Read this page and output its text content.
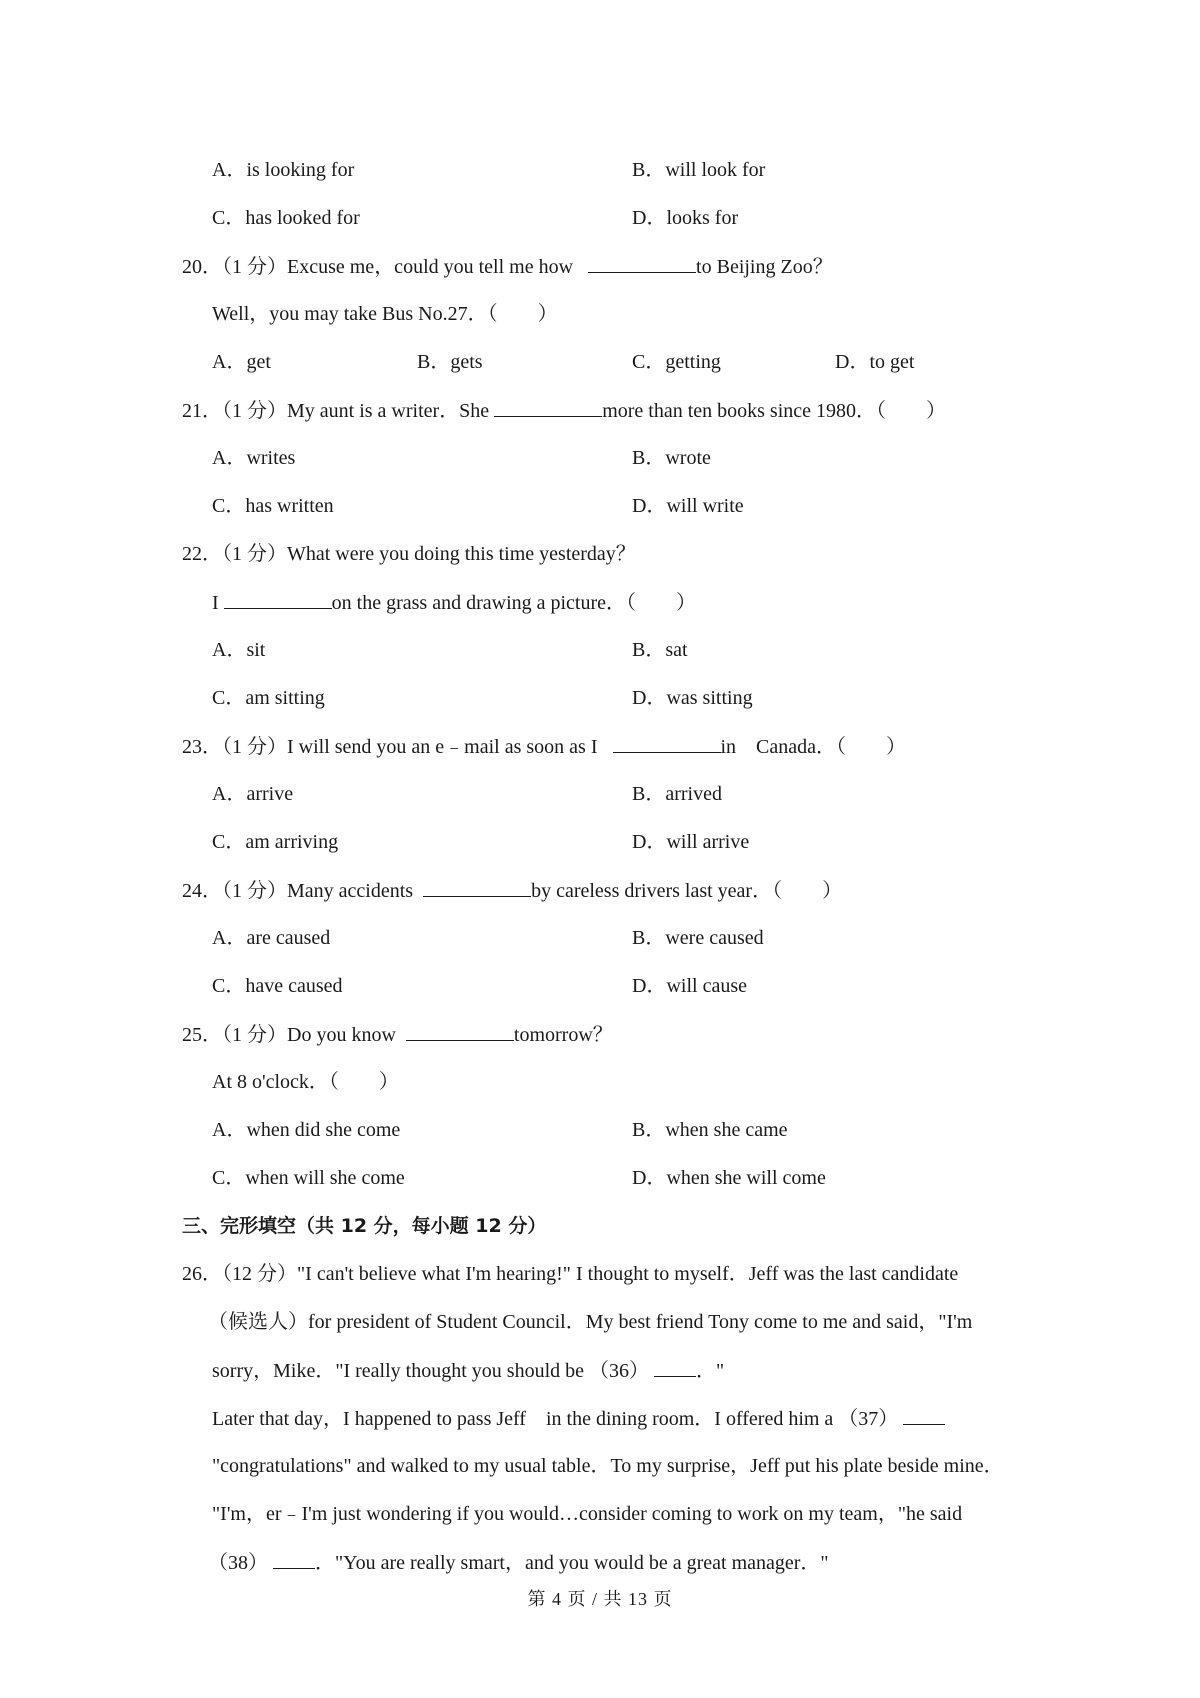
A．is looking for	B．will look for
C．has looked for	D．looks for
20．（1 分）Excuse me，could you tell me how	to Beijing Zoo？
Well，you may take Bus No.27．（　　）
A．get	B．gets	C．getting	D．to get
21．（1 分）My aunt is a writer．She	more than ten books since 1980．（　　）
A．writes	B．wrote
C．has written	D．will write
22．（1 分）What were you doing this time yesterday？
I	on the grass and drawing a picture．（　　）
A．sit	B．sat
C．am sitting	D．was sitting
23．（1 分）I will send you an e﹣mail as soon as I	in　Canada．（　　）
A．arrive	B．arrived
C．am arriving	D．will arrive
24．（1 分）Many accidents	by careless drivers last year．（　　）
A．are caused	B．were caused
C．have caused	D．will cause
25．（1 分）Do you know	tomorrow？
At 8 o'clock．（　　）
A．when did she come	B．when she came
C．when will she come	D．when she will come
三、完形填空（共 12 分，每小题 12 分）
26．（12 分）"I can't believe what I'm hearing!" I thought to myself．Jeff was the last candidate
（候选人）for president of Student Council．My best friend Tony come to me and said，"I'm
sorry，Mike．"I really thought you should be （36） ．"
Later that day，I happened to pass Jeff　in the dining room．I offered him a （37）
"congratulations" and walked to my usual table．To my surprise，Jeff put his plate beside mine．
"I'm，er﹣I'm just wondering if you would…consider coming to work on my team，"he said
（38） ．"You are really smart，and you would be a great manager．"
第 4 页 / 共 13 页
